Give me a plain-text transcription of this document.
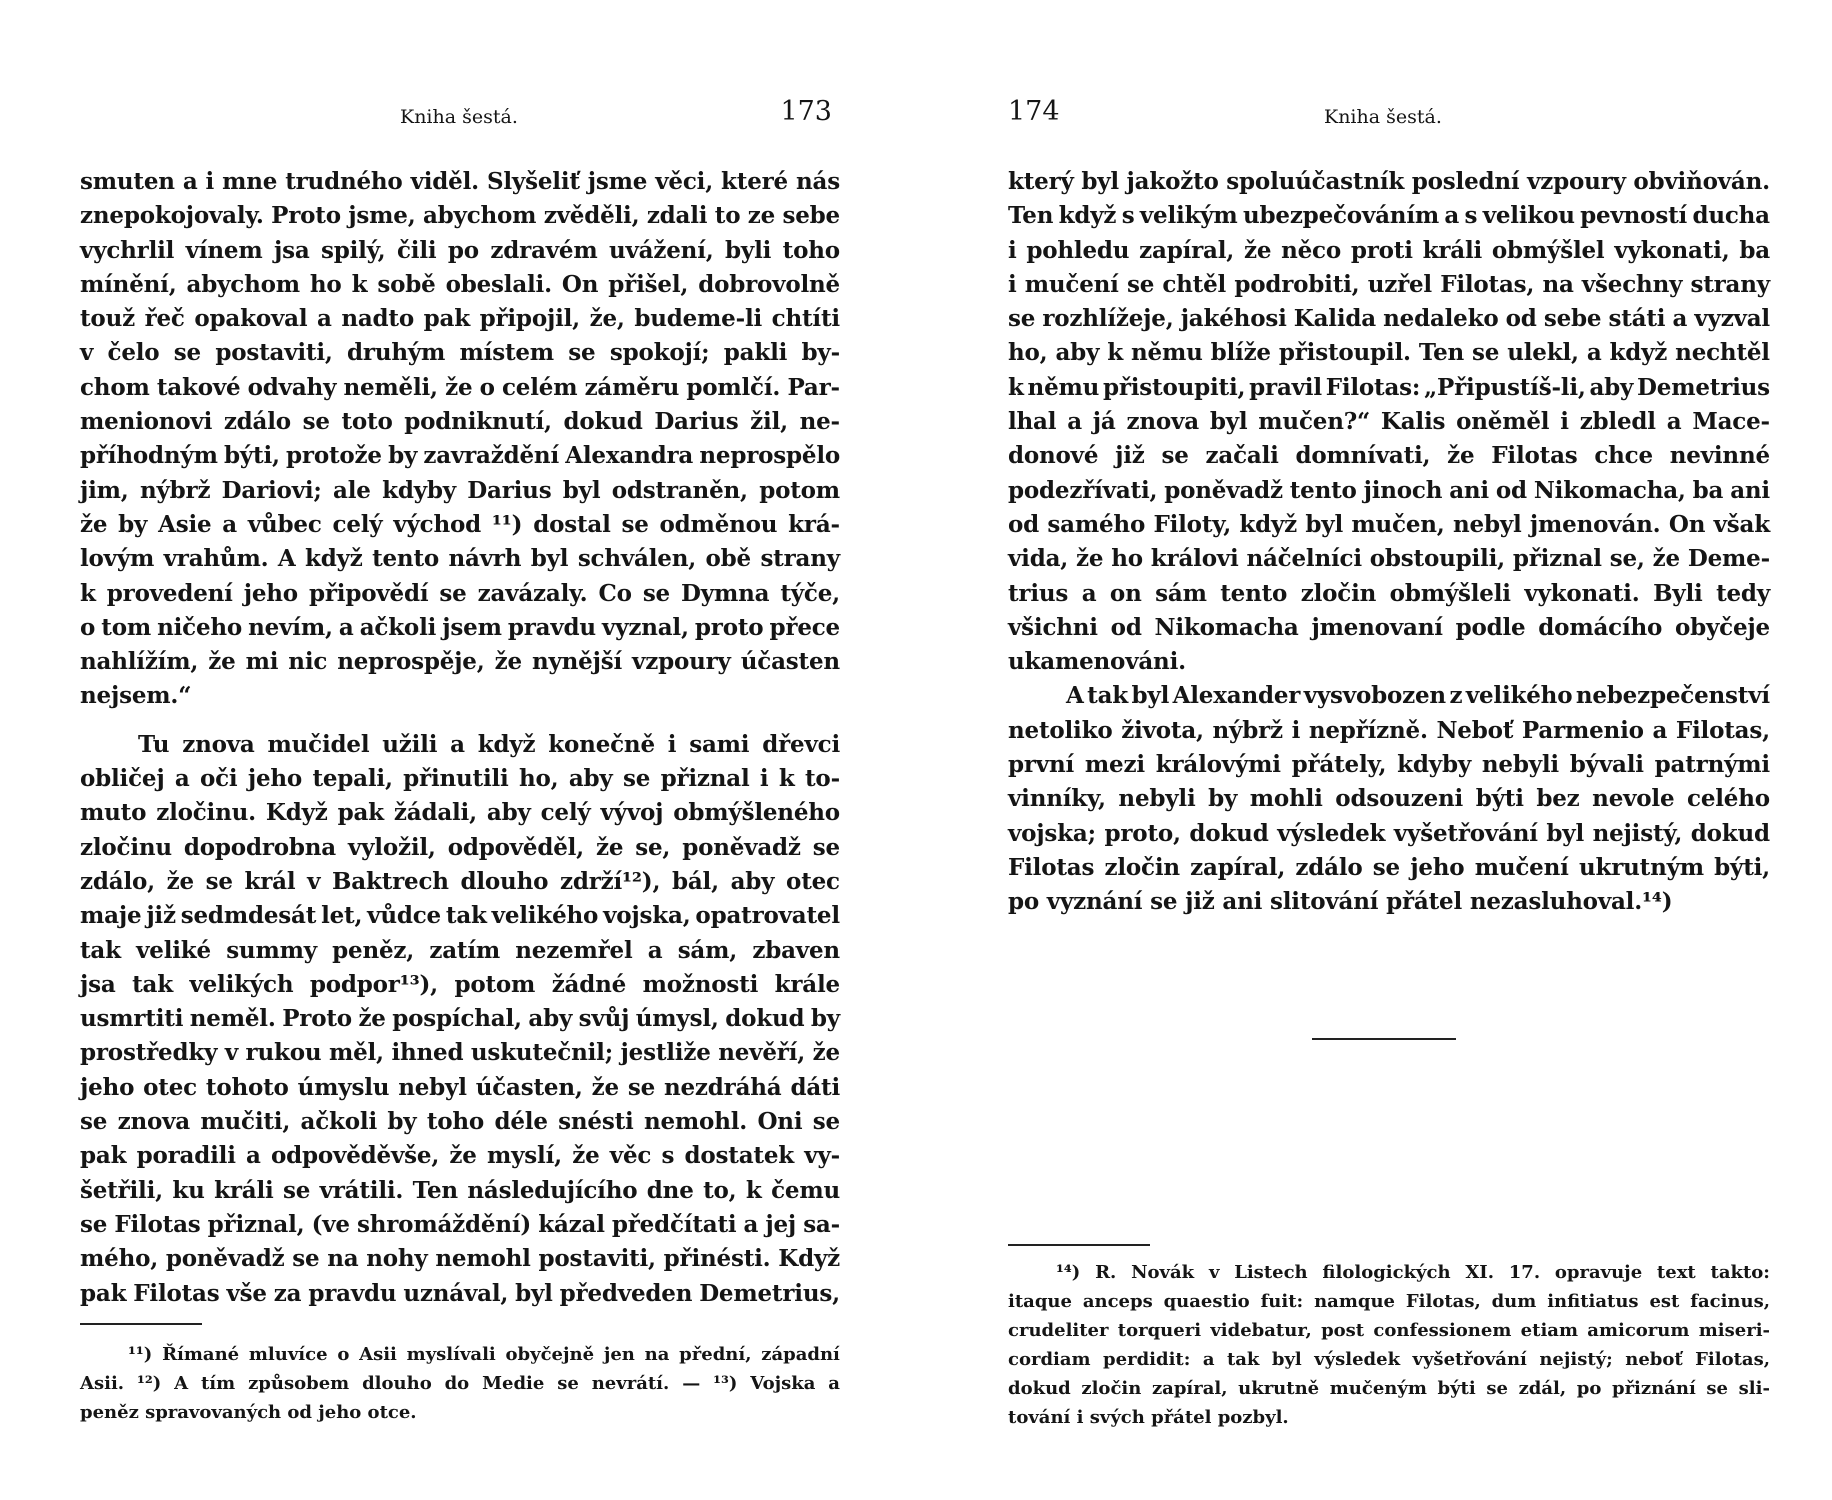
Kniha šestá.	173
smuten a i mne trudného viděl. Slyšeliť jsme věci, které nás
znepokojovaly. Proto jsme, abychom zvěděli, zdali to ze sebe
vychrlil vínem jsa spilý, čili po zdravém uvážení, byli toho
mínění, abychom ho k sobě obeslali. On přišel, dobrovolně
touž řeč opakoval a nadto pak připojil, že, budeme-li chtíti
v čelo se postaviti, druhým místem se spokojí; pakli by-
chom takové odvahy neměli, že o celém záměru pomlčí. Par-
menionovi zdálo se toto podniknutí, dokud Darius žil, ne-
příhodným býti, protože by zavraždění Alexandra neprospělo
jim, nýbrž Dariovi; ale kdyby Darius byl odstraněn, potom
že by Asie a vůbec celý východ ¹¹) dostal se odměnou krá-
lovým vrahům. A když tento návrh byl schválen, obě strany
k provedení jeho připovědí se zavázaly. Co se Dymna týče,
o tom ničeho nevím, a ačkoli jsem pravdu vyznal, proto přece
nahlížím, že mi nic neprospěje, že nynější vzpoury účasten
nejsem.“
Tu znova mučidel užili a když konečně i sami dřevci
obličej a oči jeho tepali, přinutili ho, aby se přiznal i k to-
muto zločinu. Když pak žádali, aby celý vývoj obmýšleného
zločinu dopodrobna vyložil, odpověděl, že se, poněvadž se
zdálo, že se král v Baktrech dlouho zdrží¹²), bál, aby otec
maje již sedmdesát let, vůdce tak velikého vojska, opatrovatel
tak veliké summy peněz, zatím nezemřel a sám, zbaven
jsa tak velikých podpor¹³), potom žádné možnosti krále
usmrtiti neměl. Proto že pospíchal, aby svůj úmysl, dokud by
prostředky v rukou měl, ihned uskutečnil; jestliže nevěří, že
jeho otec tohoto úmyslu nebyl účasten, že se nezdráhá dáti
se znova mučiti, ačkoli by toho déle snésti nemohl. Oni se
pak poradili a odpověděvše, že myslí, že věc s dostatek vy-
šetřili, ku králi se vrátili. Ten následujícího dne to, k čemu
se Filotas přiznal, (ve shromáždění) kázal předčítati a jej sa-
mého, poněvadž se na nohy nemohl postaviti, přinésti. Když
pak Filotas vše za pravdu uznával, byl předveden Demetrius,
¹¹) Římané mluvíce o Asii myslívali obyčejně jen na přední, západní
Asii. ¹²) A tím způsobem dlouho do Medie se nevrátí. — ¹³) Vojska a
peněz spravovaných od jeho otce.
174	Kniha šestá.
který byl jakožto spoluúčastník poslední vzpoury obviňován.
Ten když s velikým ubezpečováním a s velikou pevností ducha
i pohledu zapíral, že něco proti králi obmýšlel vykonati, ba
i mučení se chtěl podrobiti, uzřel Filotas, na všechny strany
se rozhlížeje, jakéhosi Kalida nedaleko od sebe státi a vyzval
ho, aby k němu blíže přistoupil. Ten se ulekl, a když nechtěl
k němu přistoupiti, pravil Filotas: „Připustíš-li, aby Demetrius
lhal a já znova byl mučen?“ Kalis oněměl i zbledl a Mace-
donové již se začali domnívati, že Filotas chce nevinné
podezřívati, poněvadž tento jinoch ani od Nikomacha, ba ani
od samého Filoty, když byl mučen, nebyl jmenován. On však
vida, že ho královi náčelníci obstoupili, přiznal se, že Deme-
trius a on sám tento zločin obmýšleli vykonati. Byli tedy
všichni od Nikomacha jmenovaní podle domácího obyčeje
ukamenováni.
A tak byl Alexander vysvobozen z velikého nebezpečenství
netoliko života, nýbrž i nepřízně. Neboť Parmenio a Filotas,
první mezi královými přátely, kdyby nebyli bývali patrnými
vinníky, nebyli by mohli odsouzeni býti bez nevole celého
vojska; proto, dokud výsledek vyšetřování byl nejistý, dokud
Filotas zločin zapíral, zdálo se jeho mučení ukrutným býti,
po vyznání se již ani slitování přátel nezasluhoval.¹⁴)
¹⁴) R. Novák v Listech filologických XI. 17. opravuje text takto:
itaque anceps quaestio fuit: namque Filotas, dum infitiatus est facinus,
crudeliter torqueri videbatur, post confessionem etiam amicorum miseri-
cordiam perdidit: a tak byl výsledek vyšetřování nejistý; neboť Filotas,
dokud zločin zapíral, ukrutně mučeným býti se zdál, po přiznání se sli-
tování i svých přátel pozbyl.
